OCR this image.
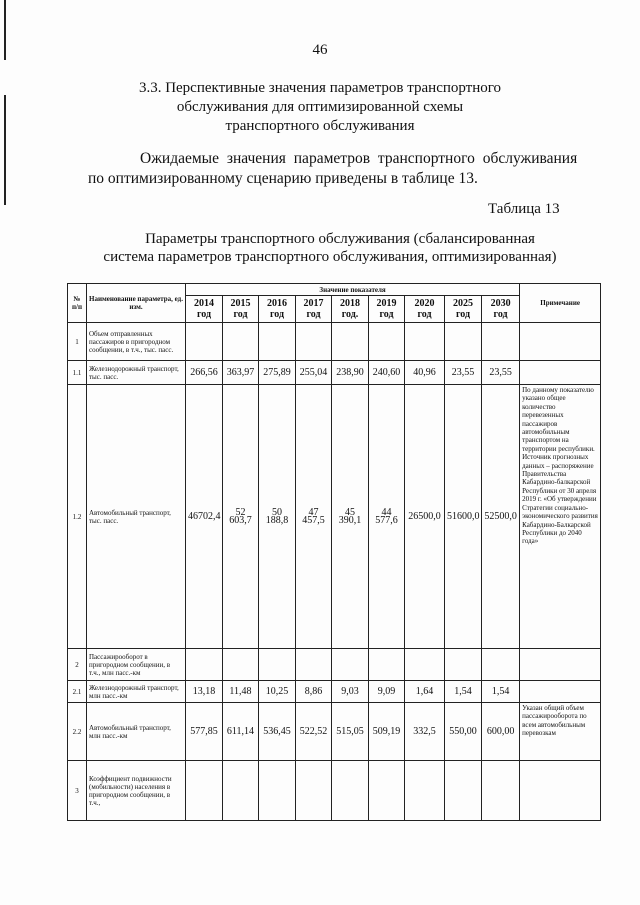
46
3.3. Перспективные значения параметров транспортного
обслуживания для оптимизированной схемы
транспортного обслуживания
Ожидаемые значения параметров транспортного обслуживания
по оптимизированному сценарию приведены в таблице 13.
Таблица 13
Параметры транспортного обслуживания (сбалансированная
система параметров транспортного обслуживания, оптимизированная)
№ п/п	Наименование параметра, ед. изм.	Значение показателя									Примечание
		2014 год	2015 год	2016 год	2017 год	2018 год.	2019 год	2020 год	2025 год	2030 год	
1	Объем отправленных пассажиров в пригородном сообщении, в т.ч., тыс. пасс.										
1.1	Железнодорожный транспорт, тыс. пасс.	266,56	363,97	275,89	255,04	238,90	240,60	40,96	23,55	23,55	
1.2	Автомобильный транспорт, тыс. пасс.	46702,4	52 603,7	50 188,8	47 457,5	45 390,1	44 577,6	26500,0	51600,0	52500,0	По данному показателю указано общее количество перевезенных пассажиров автомобильным транспортом на территории республики. Источник прогнозных данных – распоряжение Правительства Кабардино-балкарской Республики от 30 апреля 2019 г. «Об утверждении Стратегии социально-экономического развития Кабардино-Балкарской Республики до 2040 года»
2	Пассажирооборот в пригородном сообщении, в т.ч., млн пасс.-км										
2.1	Железнодорожный транспорт, млн пасс.-км	13,18	11,48	10,25	8,86	9,03	9,09	1,64	1,54	1,54	
2.2	Автомобильный транспорт, млн пасс.-км	577,85	611,14	536,45	522,52	515,05	509,19	332,5	550,00	600,00	Указан общий объем пассажирооборота по всем автомобильным перевозкам
3	Коэффициент подвижности (мобильности) населения в пригородном сообщении, в т.ч.,										
